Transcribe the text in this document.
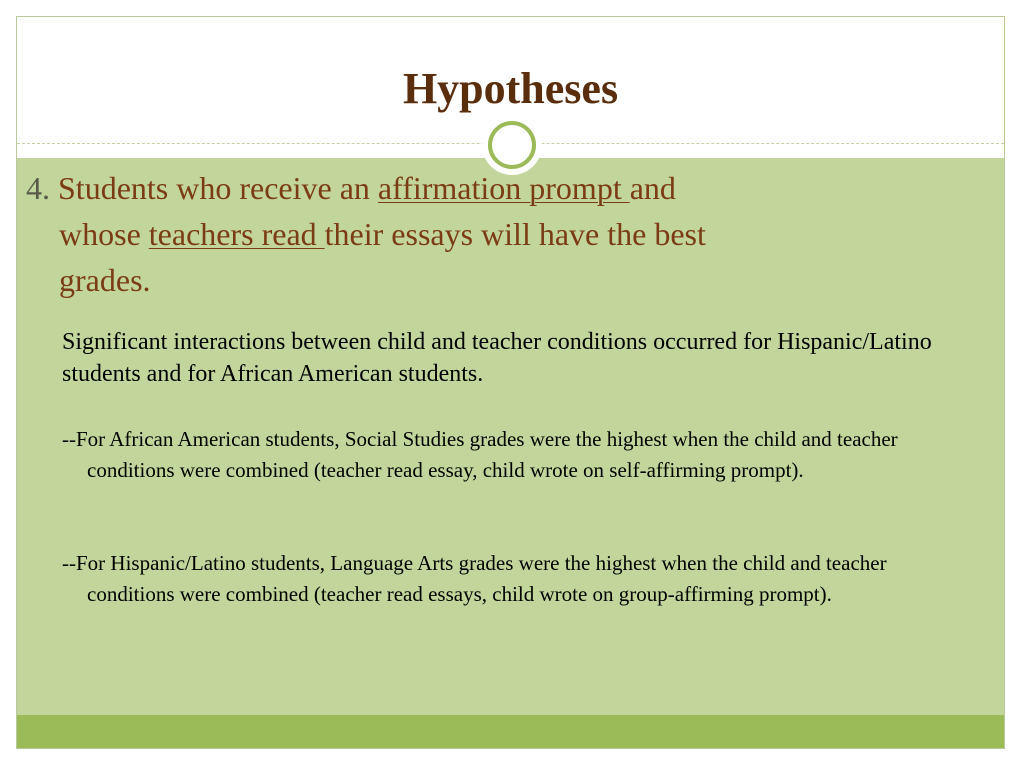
Hypotheses
4. Students who receive an affirmation prompt and
whose teachers read their essays will have the best
grades.

Significant interactions between child and teacher conditions occurred for Hispanic/Latino students and for African American students.

--For African American students, Social Studies grades were the highest when the child and teacher conditions were combined (teacher read essay, child wrote on self-affirming prompt).

--For Hispanic/Latino students, Language Arts grades were the highest when the child and teacher conditions were combined (teacher read essays, child wrote on group-affirming prompt).
